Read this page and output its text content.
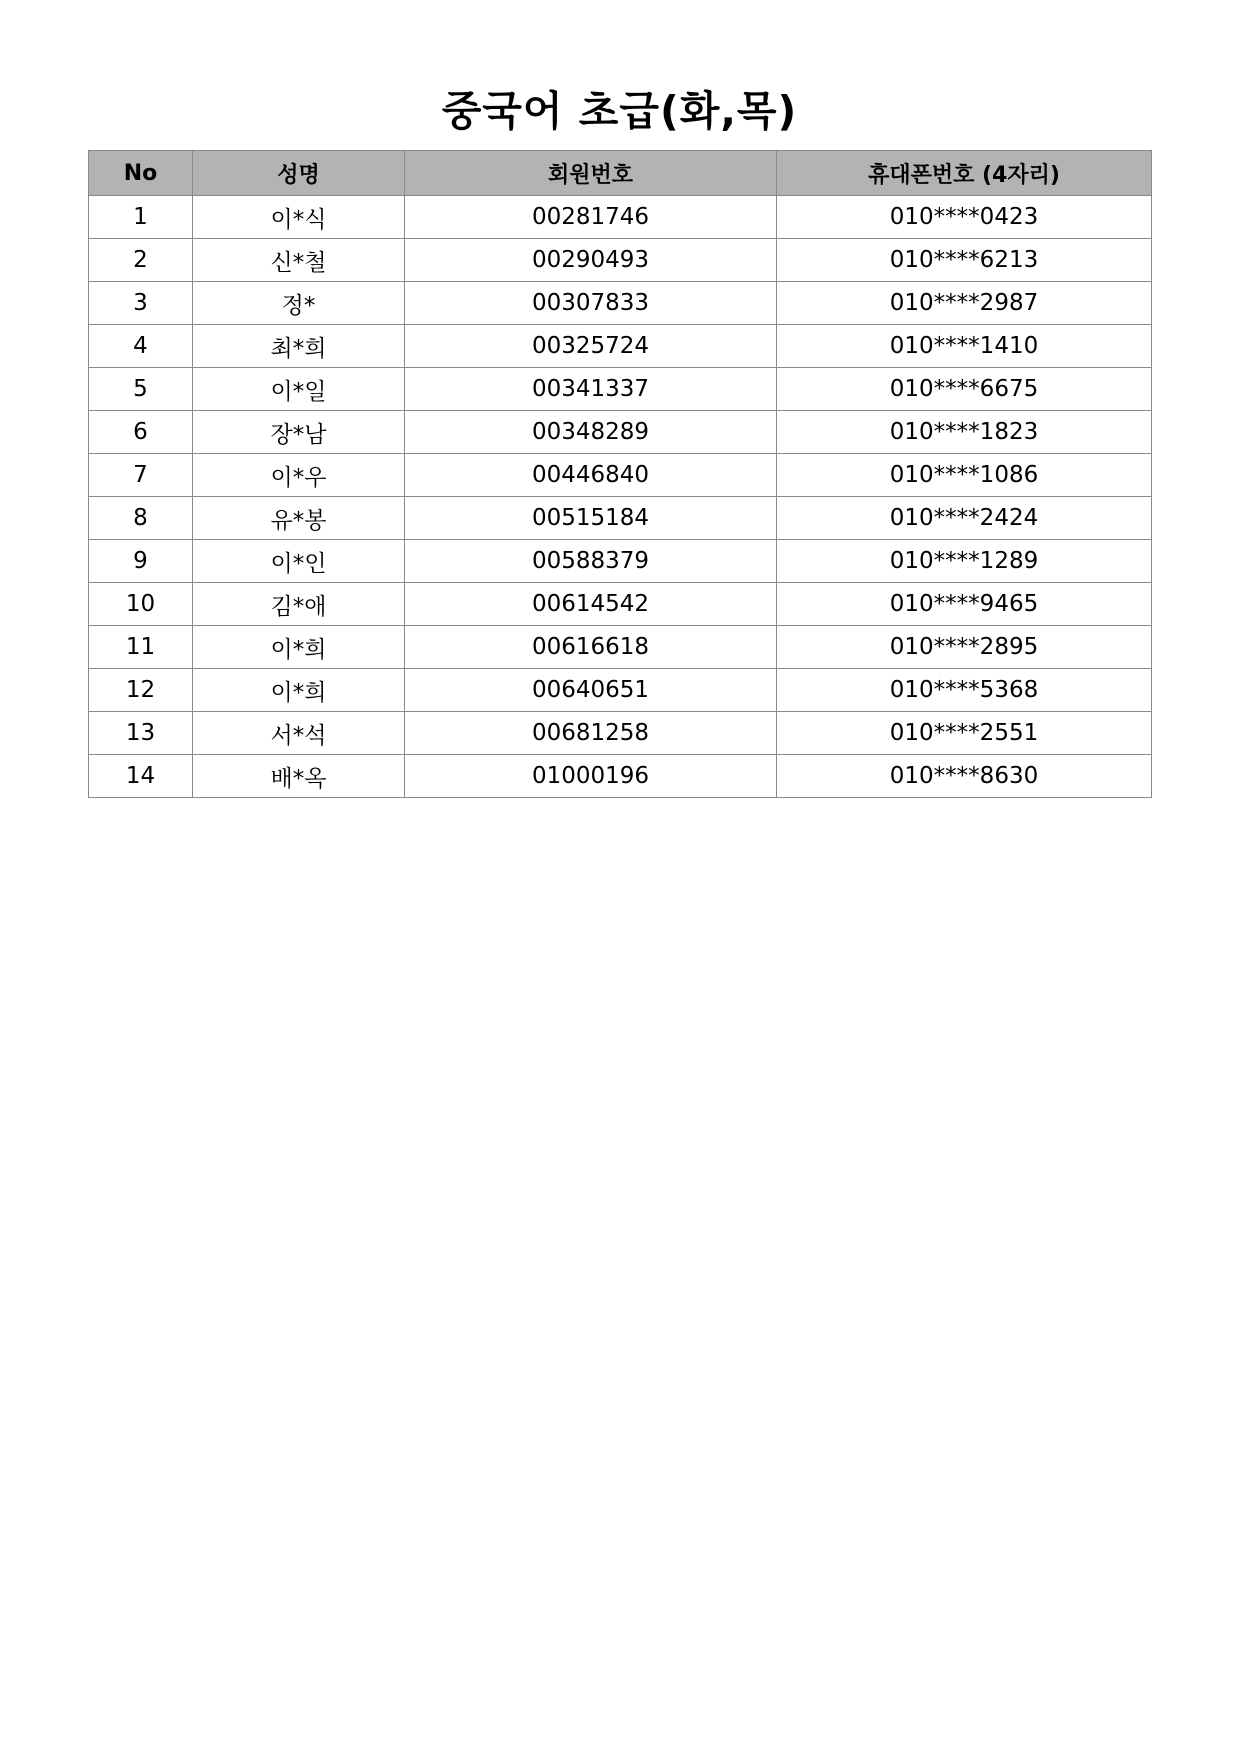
중국어 초급(화,목)
No	성명	회원번호	휴대폰번호 (4자리)
1	이*식	00281746	010****0423
2	신*철	00290493	010****6213
3	정*	00307833	010****2987
4	최*희	00325724	010****1410
5	이*일	00341337	010****6675
6	장*남	00348289	010****1823
7	이*우	00446840	010****1086
8	유*봉	00515184	010****2424
9	이*인	00588379	010****1289
10	김*애	00614542	010****9465
11	이*희	00616618	010****2895
12	이*희	00640651	010****5368
13	서*석	00681258	010****2551
14	배*옥	01000196	010****8630
